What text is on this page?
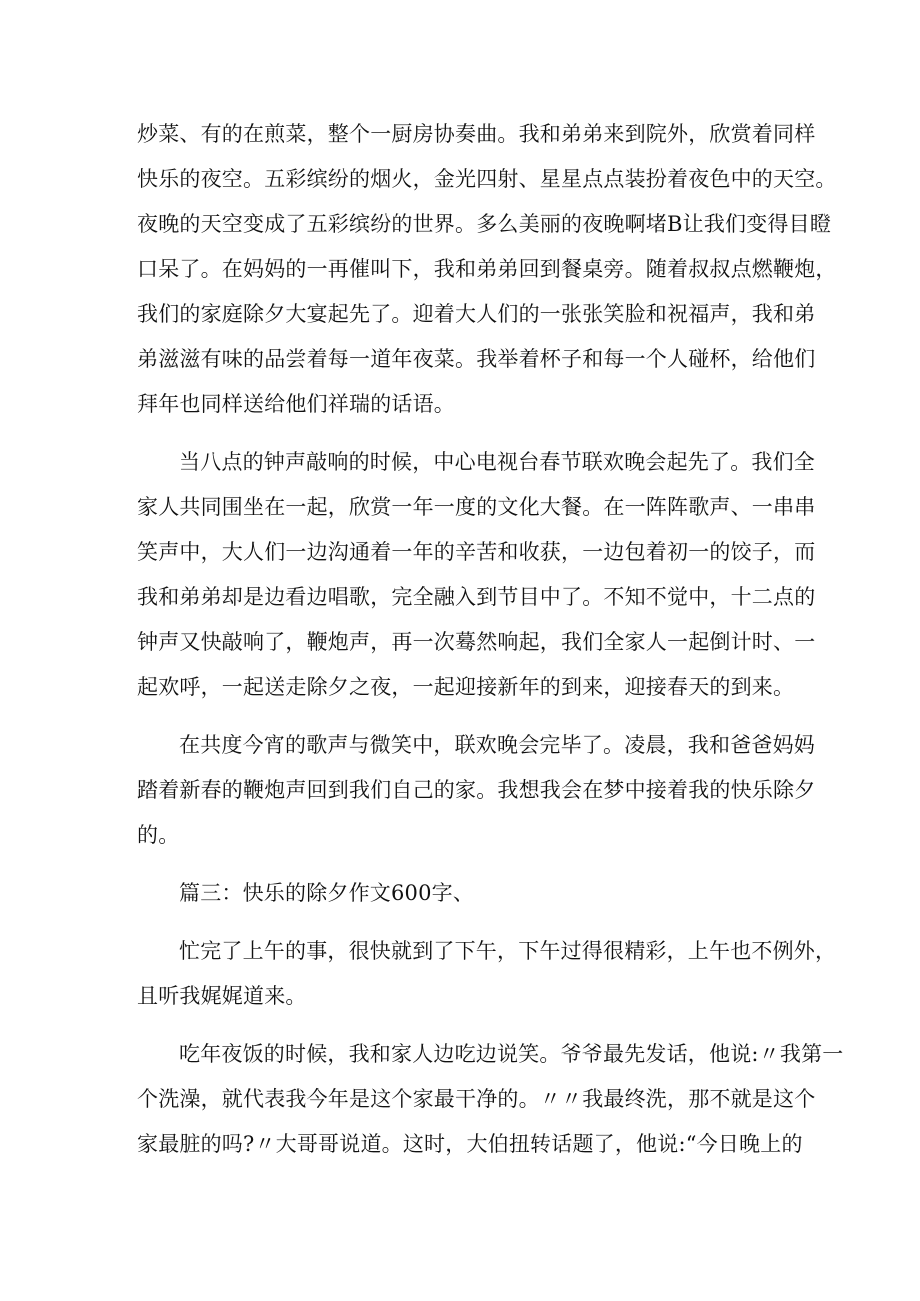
炒菜、有的在煎菜，整个一厨房协奏曲。我和弟弟来到院外，欣赏着同样
快乐的夜空。五彩缤纷的烟火，金光四射、星星点点装扮着夜色中的天空。
夜晚的天空变成了五彩缤纷的世界。多么美丽的夜晚啊堵B让我们变得目瞪
口呆了。在妈妈的一再催叫下，我和弟弟回到餐桌旁。随着叔叔点燃鞭炮，
我们的家庭除夕大宴起先了。迎着大人们的一张张笑脸和祝福声，我和弟
弟滋滋有味的品尝着每一道年夜菜。我举着杯子和每一个人碰杯，给他们
拜年也同样送给他们祥瑞的话语。
当八点的钟声敲响的时候，中心电视台春节联欢晚会起先了。我们全
家人共同围坐在一起，欣赏一年一度的文化大餐。在一阵阵歌声、一串串
笑声中，大人们一边沟通着一年的辛苦和收获，一边包着初一的饺子，而
我和弟弟却是边看边唱歌，完全融入到节目中了。不知不觉中，十二点的
钟声又快敲响了，鞭炮声，再一次蓦然响起，我们全家人一起倒计时、一
起欢呼，一起送走除夕之夜，一起迎接新年的到来，迎接春天的到来。
在共度今宵的歌声与微笑中，联欢晚会完毕了。凌晨，我和爸爸妈妈
踏着新春的鞭炮声回到我们自己的家。我想我会在梦中接着我的快乐除夕
的。
篇三：快乐的除夕作文600字、
忙完了上午的事，很快就到了下午，下午过得很精彩，上午也不例外，
且听我娓娓道来。
吃年夜饭的时候，我和家人边吃边说笑。爷爷最先发话，他说:〃我第一
个洗澡，就代表我今年是这个家最干净的。〃〃我最终洗，那不就是这个
家最脏的吗?〃大哥哥说道。这时，大伯扭转话题了，他说:“今日晚上的
